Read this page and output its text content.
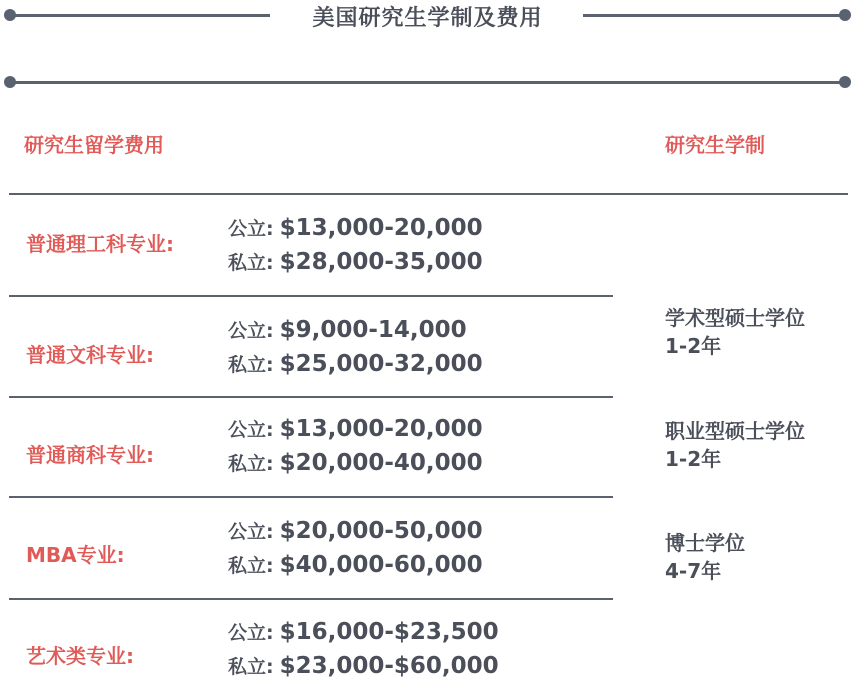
美国研究生学制及费用
研究生留学费用	研究生学制
普通理工科专业:
公立: $13,000-20,000
私立: $28,000-35,000
普通文科专业:
公立: $9,000-14,000
私立: $25,000-32,000
普通商科专业:
公立: $13,000-20,000
私立: $20,000-40,000
MBA专业:
公立: $20,000-50,000
私立: $40,000-60,000
艺术类专业:
公立: $16,000-$23,500
私立: $23,000-$60,000
学术型硕士学位
1-2年
职业型硕士学位
1-2年
博士学位
4-7年
